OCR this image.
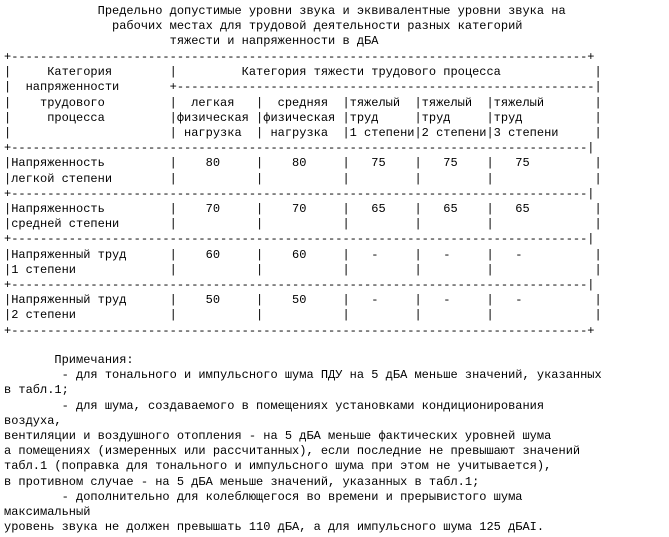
Предельно допустимые уровни звука и эквивалентные уровни звука на
рабочих местах для трудовой деятельности разных категорий
тяжести и напряженности в дБА
+--------------------------------------------------------------------------------+
|     Категория        |         Категория тяжести трудового процесса             |
|  напряженности       +----------------------------------------------------------|
|    трудового         |  легкая   |  средняя  |тяжелый  |тяжелый  |тяжелый       |
|     процесса         |физическая |физическая |труд     |труд     |труд          |
|                      | нагрузка  | нагрузка  |1 степени|2 степени|3 степени     |
+--------------------------------------------------------------------------------|
|Напряженность         |    80     |    80     |   75    |   75    |   75         |
|легкой степени        |           |           |         |         |              |
+--------------------------------------------------------------------------------|
|Напряженность         |    70     |    70     |   65    |   65    |   65         |
|средней степени       |           |           |         |         |              |
+--------------------------------------------------------------------------------|
|Напряженный труд      |    60     |    60     |   -     |   -     |   -          |
|1 степени             |           |           |         |         |              |
+--------------------------------------------------------------------------------|
|Напряженный труд      |    50     |    50     |   -     |   -     |   -          |
|2 степени             |           |           |         |         |              |
+--------------------------------------------------------------------------------+
Примечания:
- для тонального и импульсного шума ПДУ на 5 дБА меньше значений, указанных
в табл.1;
- для шума, создаваемого в помещениях установками кондиционирования
воздуха,
вентиляции и воздушного отопления - на 5 дБА меньше фактических уровней шума
а помещениях (измеренных или рассчитанных), если последние не превышают значений
табл.1 (поправка для тонального и импульсного шума при этом не учитывается),
в противном случае - на 5 дБА меньше значений, указанных в табл.1;
- дополнительно для колеблющегося во времени и прерывистого шума
максимальный
уровень звука не должен превышать 110 дБА, а для импульсного шума 125 дБАI.
